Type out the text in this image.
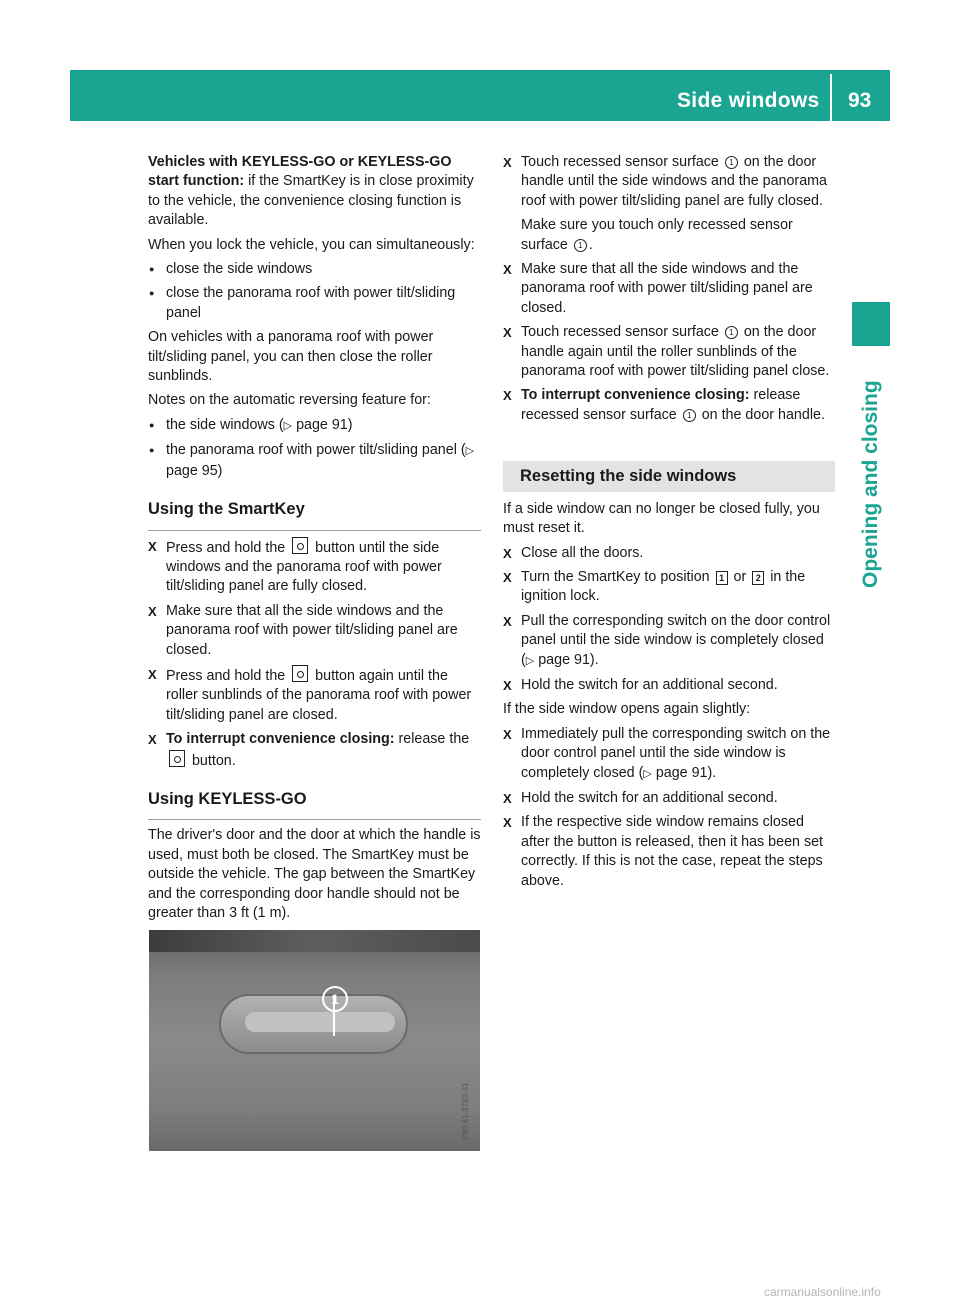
Side windows 93
Opening and closing

Vehicles with KEYLESS-GO or KEYLESS-GO start function: if the SmartKey is in close proximity to the vehicle, the convenience closing function is available.

When you lock the vehicle, you can simultaneously:

● close the side windows
● close the panorama roof with power tilt/sliding panel

On vehicles with a panorama roof with power tilt/sliding panel, you can then close the roller sunblinds.

Notes on the automatic reversing feature for:

● the side windows (▷ page 91)
● the panorama roof with power tilt/sliding panel (▷ page 95)
Using the SmartKey
X Press and hold the  button until the side windows and the panorama roof with power tilt/sliding panel are fully closed.
X Make sure that all the side windows and the panorama roof with power tilt/sliding panel are closed.
X Press and hold the  button again until the roller sunblinds of the panorama roof with power tilt/sliding panel are closed.
X To interrupt convenience closing: release the  button.
Using KEYLESS-GO

The driver's door and the door at which the handle is used, must both be closed. The SmartKey must be outside the vehicle. The gap between the SmartKey and the corresponding door handle should not be greater than 3 ft (1 m).

1
P80.61-3783-31
X Touch recessed sensor surface 1 on the door handle until the side windows and the panorama roof with power tilt/sliding panel are fully closed.

Make sure you touch only recessed sensor surface 1 .

X Make sure that all the side windows and the panorama roof with power tilt/sliding panel are closed.
X Touch recessed sensor surface 1 on the door handle again until the roller sunblinds of the panorama roof with power tilt/sliding panel close.
X To interrupt convenience closing: release recessed sensor surface 1 on the door handle.
Resetting the side windows

If a side window can no longer be closed fully, you must reset it.

X Close all the doors.
X Turn the SmartKey to position 1 or 2 in the ignition lock.
X Pull the corresponding switch on the door control panel until the side window is completely closed (▷ page 91).
X Hold the switch for an additional second.

If the side window opens again slightly:

X Immediately pull the corresponding switch on the door control panel until the side window is completely closed (▷ page 91).
X Hold the switch for an additional second.
X If the respective side window remains closed after the button is released, then it has been set correctly. If this is not the case, repeat the steps above.
carmanualsonline.info
